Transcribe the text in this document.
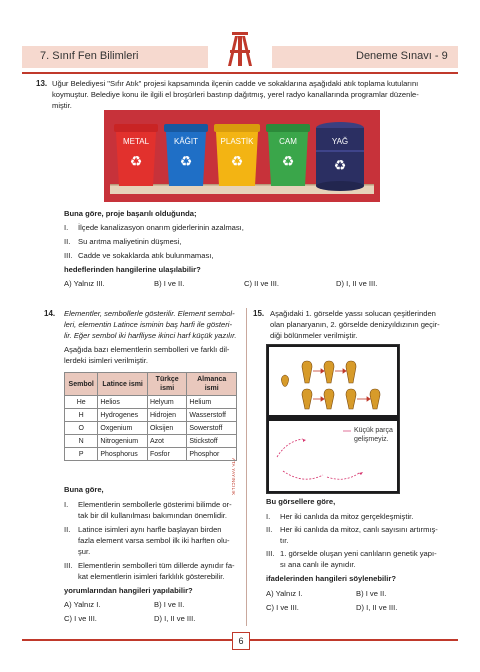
7. Sınıf Fen Bilimleri	Deneme Sınavı - 9
13. Uğur Belediyesi "Sıfır Atık" projesi kapsamında ilçenin cadde ve sokaklarına aşağıdaki atık toplama kutularını
koymuştur. Belediye konu ile ilgili el broşürleri bastırıp dağıtmış, yerel radyo kanallarında programlar düzenle-
miştir.
METAL
♻
KÂĞIT
♻
PLASTİK
♻
CAM
♻
YAĞ
♻
Buna göre, proje başarılı olduğunda;
I. İlçede kanalizasyon onarım giderlerinin azalması,
II. Su arıtma maliyetinin düşmesi,
III. Cadde ve sokaklarda atık bulunmaması,
hedeflerinden hangilerine ulaşılabilir?
A) Yalnız III.	B) I ve II.	C) II ve III.	D) I, II ve III.
ATA YAYINCILIK
14. Elementler, sembollerle gösterilir. Element sembol-
leri, elementin Latince isminin baş harfi ile gösteri-
lir. Eğer sembol iki harfliyse ikinci harf küçük yazılır.
Aşağıda bazı elementlerin sembolleri ve farklı dil-
lerdeki isimleri verilmiştir.
Sembol	Latince ismi	Türkçe ismi	Almanca ismi
He	Helios	Helyum	Helium
H	Hydrogenes	Hidrojen	Wasserstoff
O	Oxgenium	Oksijen	Sowerstoff
N	Nitrogenium	Azot	Stickstoff
P	Phosphorus	Fosfor	Phosphor
Buna göre,
I. Elementlerin sembollerle gösterimi bilimde or-
tak bir dil kullanılması bakımından önemlidir.
II. Latince isimleri aynı harfle başlayan birden
fazla element varsa sembol ilk iki harften olu-
şur.
III. Elementlerin sembolleri tüm dillerde aynıdır fa-
kat elementlerin isimleri farklılık gösterebilir.
yorumlarından hangileri yapılabilir?
A) Yalnız I.	B) I ve II.
C) I ve III.	D) I, II ve III.
15. Aşağıdaki 1. görselde yassı solucan çeşitlerinden
olan planaryanın, 2. görselde denizyıldızının geçir-
diği bölünmeler verilmiştir.
Küçük parça
gelişmeyiz.
Bu görsellere göre,
I. Her iki canlıda da mitoz gerçekleşmiştir.
II. Her iki canlıda da mitoz, canlı sayısını artırmış-
tır.
III. 1. görselde oluşan yeni canlıların genetik yapı-
sı ana canlı ile aynıdır.
ifadelerinden hangileri söylenebilir?
A) Yalnız I.	B) I ve II.
C) I ve III.	D) I, II ve III.
6
